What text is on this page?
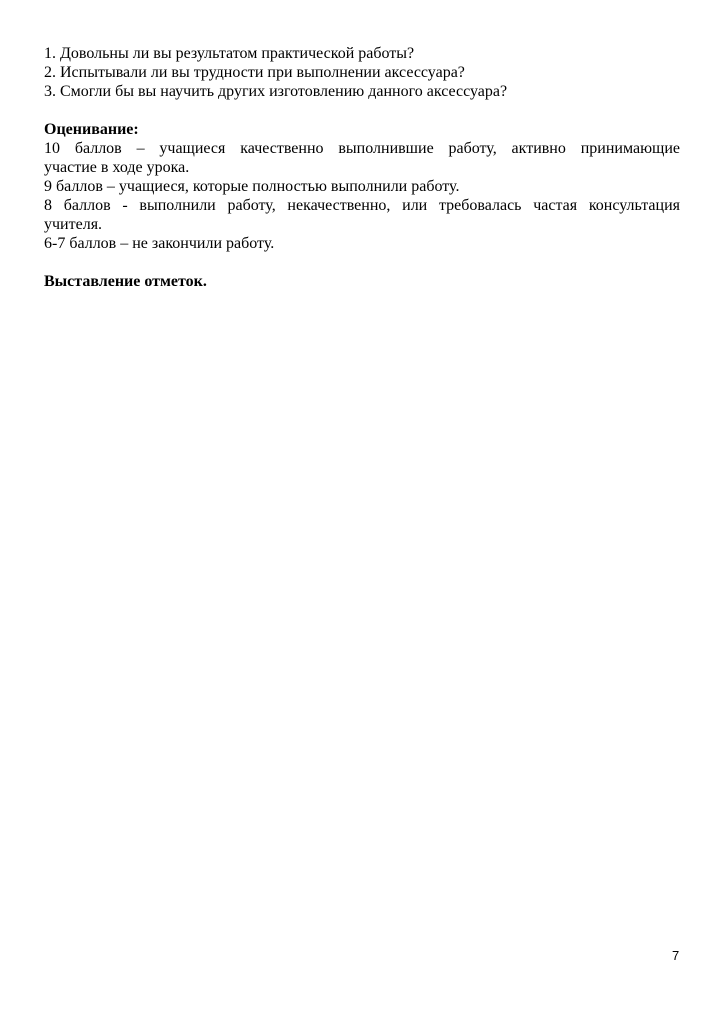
1. Довольны ли вы результатом практической работы?
2. Испытывали ли вы трудности при выполнении аксессуара?
3. Смогли бы вы научить других изготовлению данного аксессуара?
Оценивание:
10 баллов – учащиеся качественно выполнившие работу, активно принимающие
участие в ходе урока.
9 баллов – учащиеся, которые полностью выполнили работу.
8 баллов - выполнили работу, некачественно, или требовалась частая консультация
учителя.
6-7 баллов – не закончили работу.
Выставление отметок.
7
